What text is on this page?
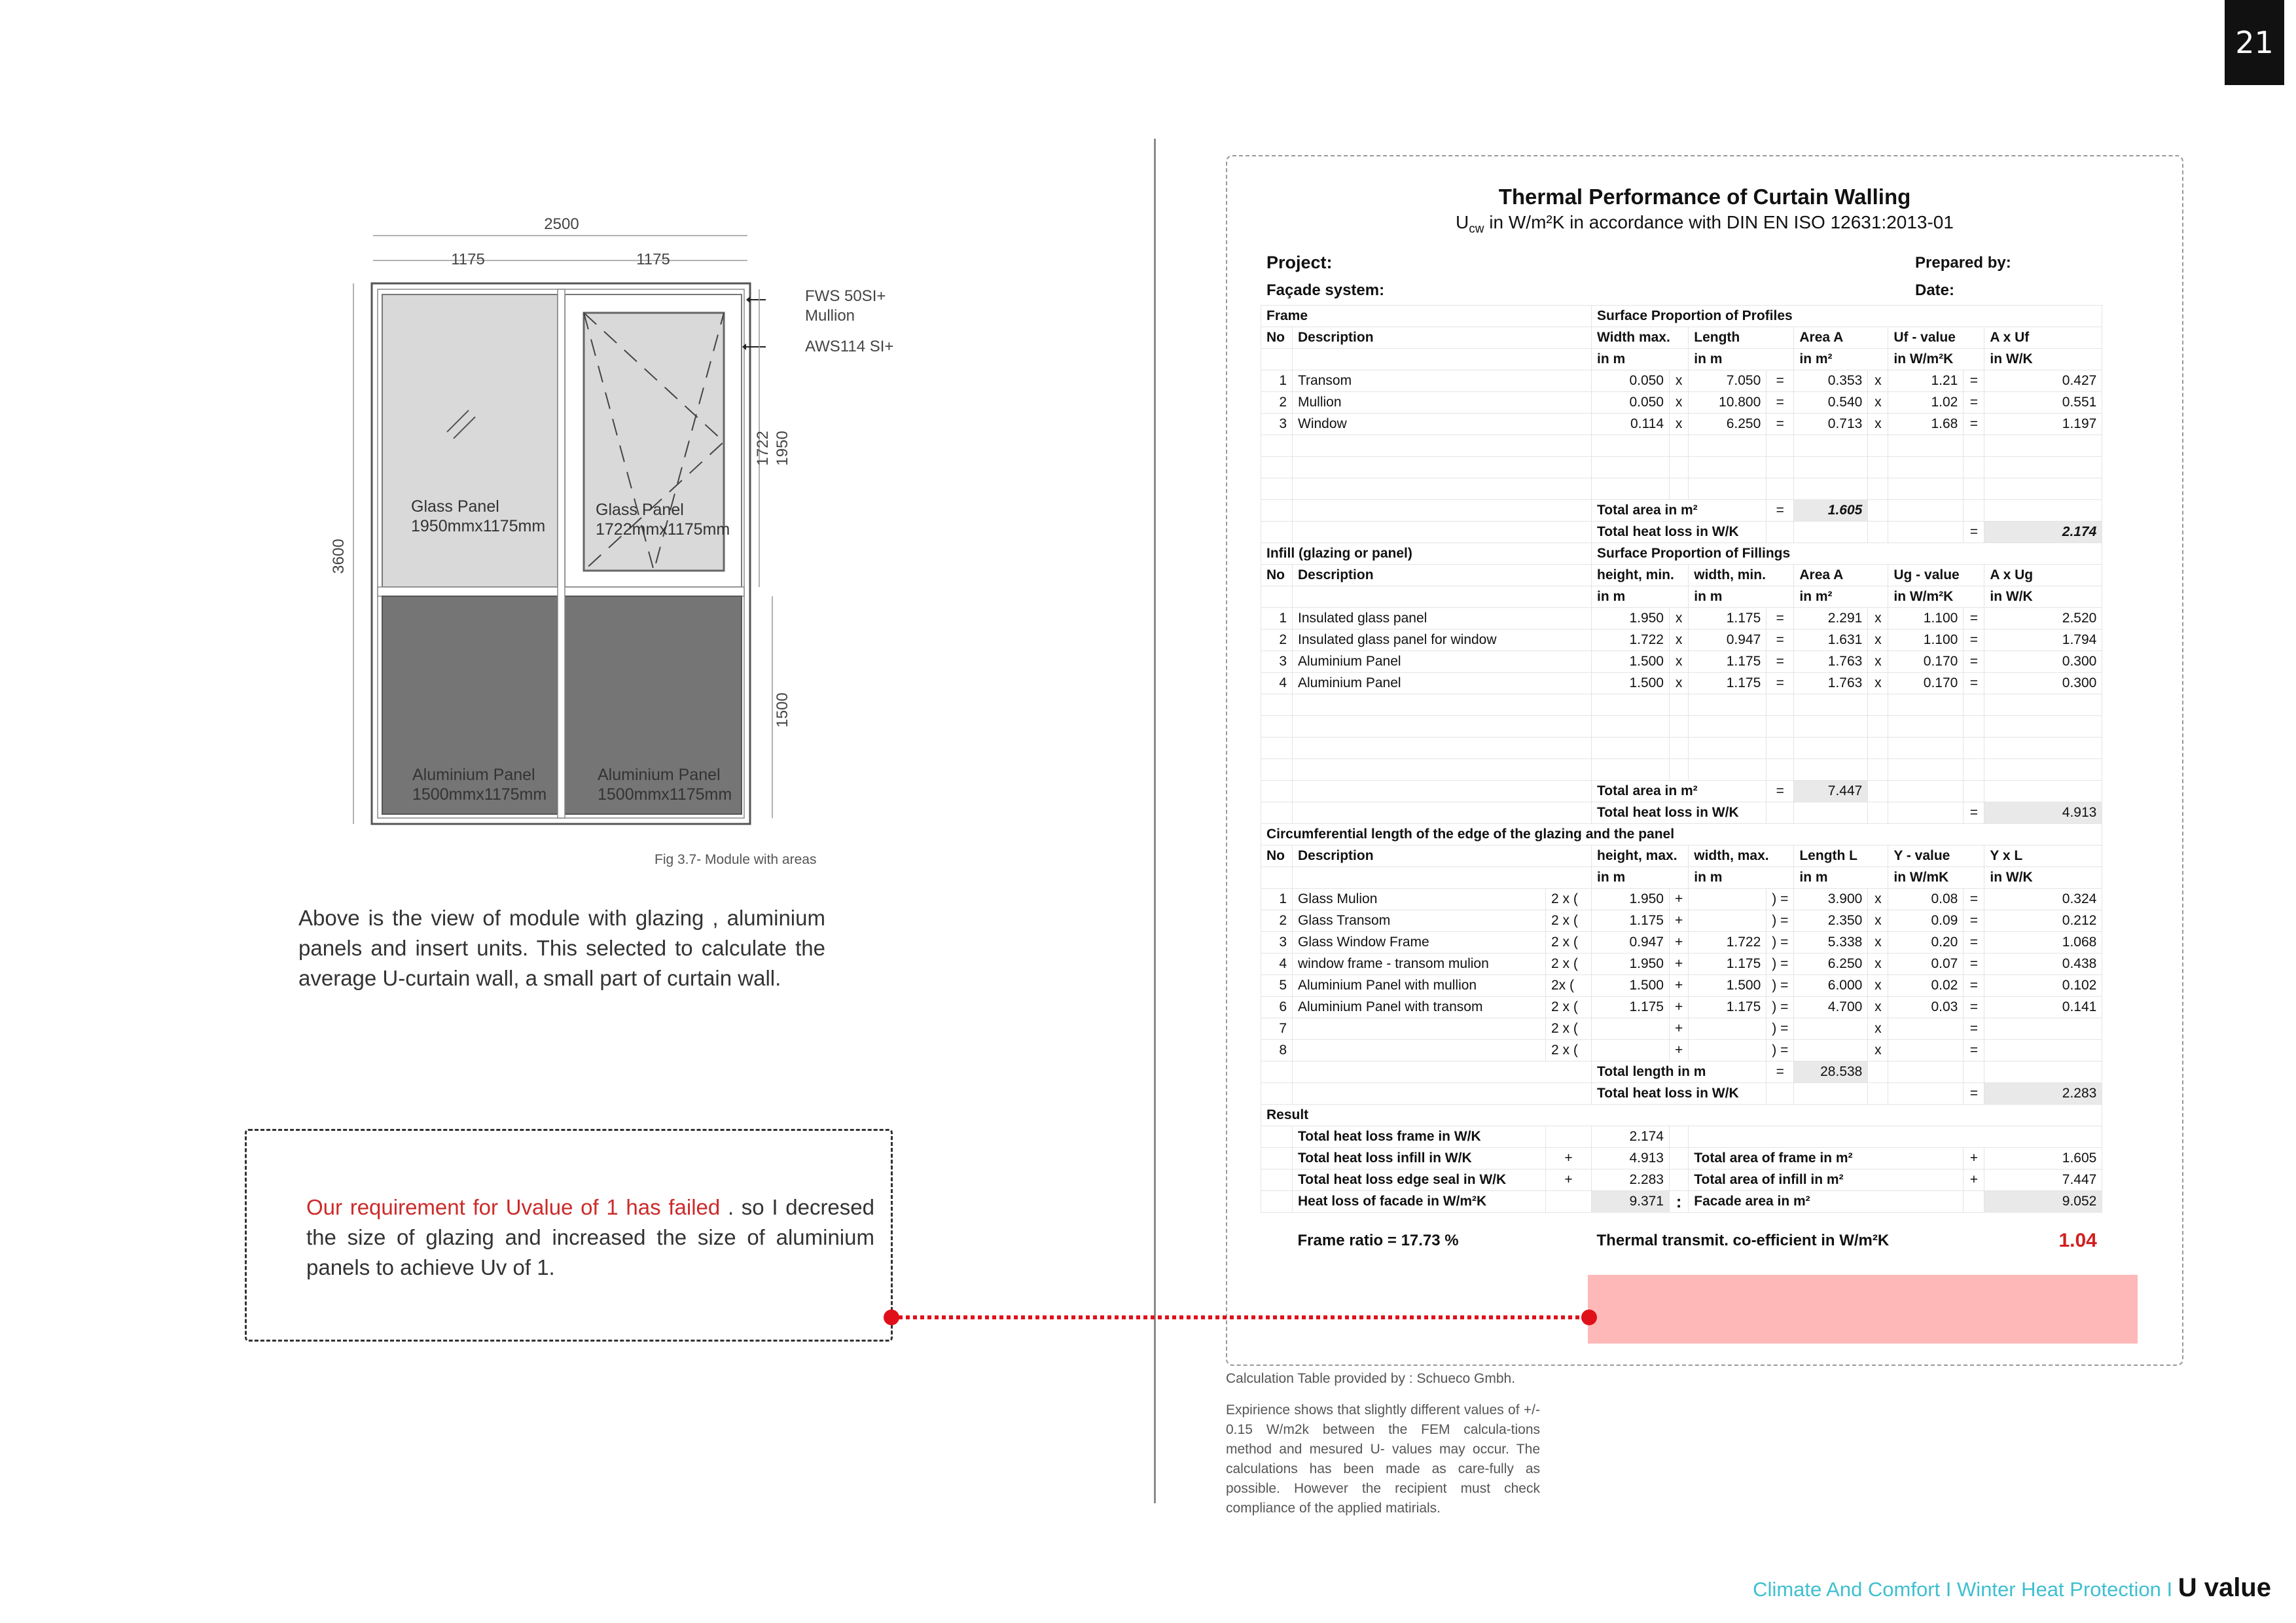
21
2500
1175	1175
Glass Panel
1950mmx1175mm
Glass Panel
1722mmx1175mm
Aluminium Panel
1500mmx1175mm
Aluminium Panel
1500mmx1175mm
FWS 50SI+
Mullion
AWS114 SI+
1722 1950
1500
3600
Fig 3.7- Module with areas
Above is the view of module with glazing , aluminium panels and insert units. This selected to calculate the average U-curtain wall, a small part of curtain wall.
Our requirement for Uvalue of 1 has failed . so I decresed the size of glazing and increased the size of aluminium panels to achieve Uv of 1.
Thermal Performance of Curtain Walling
$U_{cw}$ in W/m²K in accordance with DIN EN ISO 12631:2013-01
Project:
Façade system:
Prepared by:
Date:
Frame			Surface Proportion of Profiles								
No	Description		Width max.		Length		Area A		Uf - value		A x Uf
			in m		in m		in m²		in W/m²K		in W/K
1	Transom		0.050	x	7.050	=	0.353	x	1.21	=	0.427
2	Mullion		0.050	x	10.800	=	0.540	x	1.02	=	0.551
3	Window		0.114	x	6.250	=	0.713	x	1.68	=	1.197

			Total area in m²			=	1.605				
			Total heat loss in W/K							=	2.174
Infill (glazing or panel)			Surface Proportion of Fillings								
No	Description		height, min.		width, min.		Area A		Ug - value		A x Ug
			in m		in m		in m²		in W/m²K		in W/K
1	Insulated glass panel		1.950	x	1.175	=	2.291	x	1.100	=	2.520
2	Insulated glass panel for window		1.722	x	0.947	=	1.631	x	1.100	=	1.794
3	Aluminium Panel		1.500	x	1.175	=	1.763	x	0.170	=	0.300
4	Aluminium Panel		1.500	x	1.175	=	1.763	x	0.170	=	0.300

			Total area in m²			=	7.447				
			Total heat loss in W/K							=	4.913
Circumferential length of the edge of the glazing and the panel											
No	Description		height, max.		width, max.		Length L		Y - value		Y x L
			in m		in m		in m		in W/mK		in W/K
1	Glass Mulion	2 x (	1.950	+		) =	3.900	x	0.08	=	0.324
2	Glass Transom	2 x (	1.175	+		) =	2.350	x	0.09	=	0.212
3	Glass Window Frame	2 x (	0.947	+	1.722	) =	5.338	x	0.20	=	1.068
4	window frame - transom mulion	2 x (	1.950	+	1.175	) =	6.250	x	0.07	=	0.438
5	Aluminium Panel with mullion	2x (	1.500	+	1.500	) =	6.000	x	0.02	=	0.102
6	Aluminium Panel with transom	2 x (	1.175	+	1.175	) =	4.700	x	0.03	=	0.141
7		2 x (		+		) =		x		=	
8		2 x (		+		) =		x		=	
			Total length in m			=	28.538				
			Total heat loss in W/K							=	2.283
Result											
	Total heat loss frame in W/K		2.174								
	Total heat loss infill in W/K	+	4.913		Total area of frame in m²					+	1.605
	Total heat loss edge seal in W/K	+	2.283		Total area of infill in m²					+	7.447
	Heat loss of facade in W/m²K		9.371	:	Facade area in m²						9.052
	Frame ratio = 17.73 %		Thermal transmit. co-efficient in W/m²K								1.04
Calculation Table provided by : Schueco Gmbh.
Expirience shows that slightly different values of +/- 0.15 W/m2k between the FEM calcula-tions method and mesured U- values may occur. The calculations has been made as care-fully as possible. However the recipient must check compliance of the applied matirials.
Climate And Comfort I Winter Heat Protection I U value
